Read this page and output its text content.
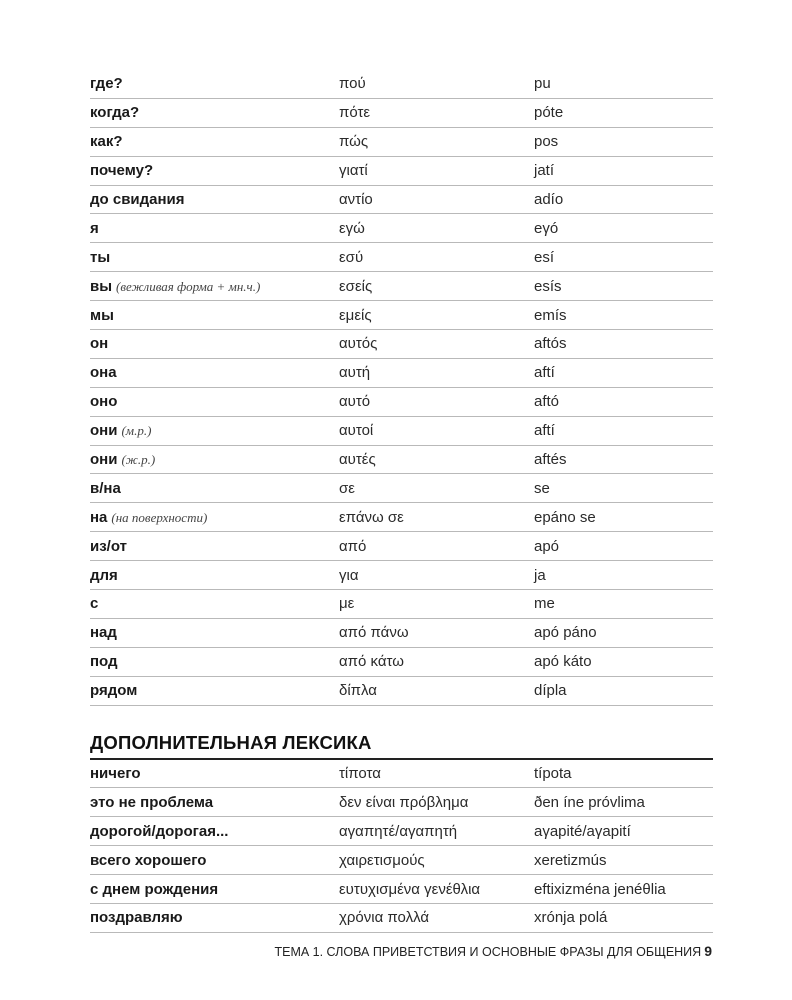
где?	πού	pu
когда?	πότε	póte
как?	πώς	pos
почему?	γιατί	jatí
до свидания	αντίο	adío
я	εγώ	eγó
ты	εσύ	esí
вы (вежливая форма + мн.ч.)	εσείς	esís
мы	εμείς	emís
он	αυτός	aftós
она	αυτή	aftí
оно	αυτό	aftó
они (м.р.)	αυτοί	aftí
они (ж.р.)	αυτές	aftés
в/на	σε	se
на (на поверхности)	επάνω σε	epáno se
из/от	από	apó
для	για	ja
с	με	me
над	από πάνω	apó páno
под	από κάτω	apó káto
рядом	δίπλα	dípla
ДОПОЛНИТЕЛЬНАЯ ЛЕКСИКА
ничего	τίποτα	típota
это не проблема	δεν είναι πρόβλημα	ðen íne próvlima
дорогой/дорогая...	αγαπητέ/αγαπητή	aγapité/aγapití
всего хорошего	χαιρετισμούς	xeretizmús
с днем рождения	ευτυχισμένα γενέθλια	eftixizména jenéθlia
поздравляю	χρόνια πολλά	xrónja polá
ТЕМА 1. СЛОВА ПРИВЕТСТВИЯ И ОСНОВНЫЕ ФРАЗЫ ДЛЯ ОБЩЕНИЯ 9
